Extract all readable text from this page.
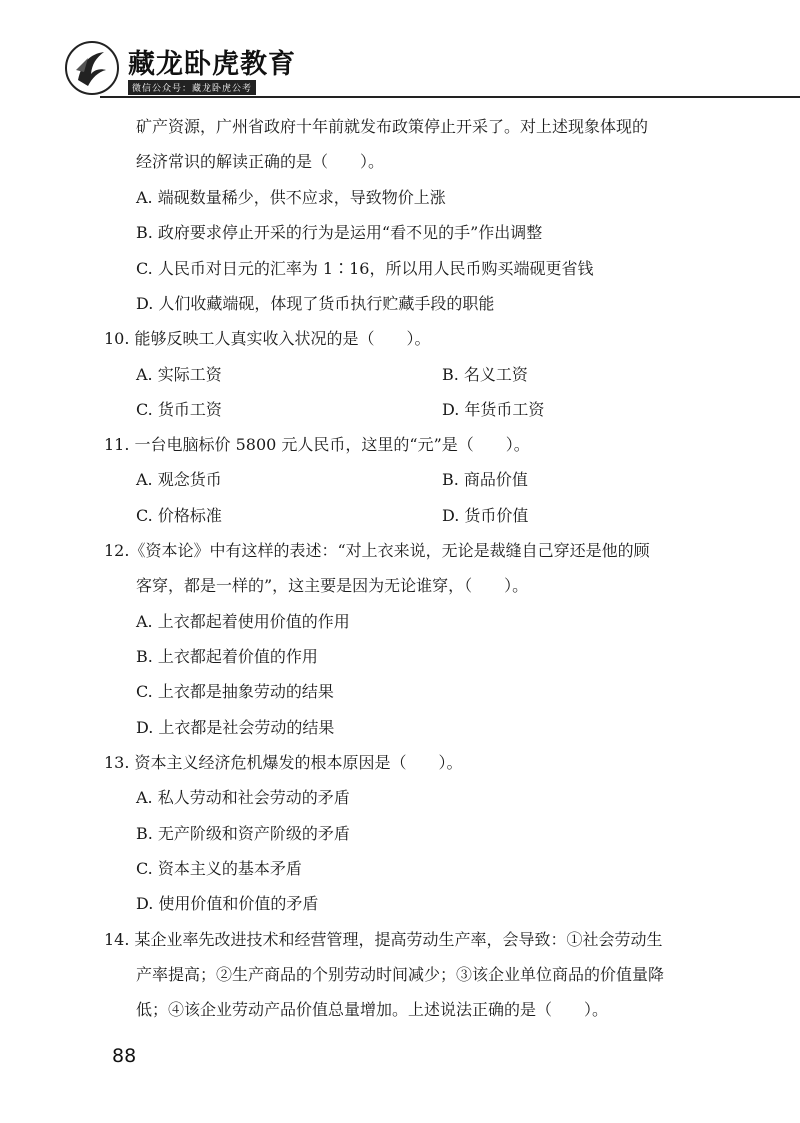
藏龙卧虎教育
微信公众号：藏龙卧虎公考
矿产资源，广州省政府十年前就发布政策停止开采了。对上述现象体现的
经济常识的解读正确的是（　　）。
A. 端砚数量稀少，供不应求，导致物价上涨
B. 政府要求停止开采的行为是运用“看不见的手”作出调整
C. 人民币对日元的汇率为 1∶16，所以用人民币购买端砚更省钱
D. 人们收藏端砚，体现了货币执行贮藏手段的职能
10. 能够反映工人真实收入状况的是（　　）。
A. 实际工资	B. 名义工资
C. 货币工资	D. 年货币工资
11. 一台电脑标价 5800 元人民币，这里的“元”是（　　）。
A. 观念货币	B. 商品价值
C. 价格标准	D. 货币价值
12.《资本论》中有这样的表述：“对上衣来说，无论是裁缝自己穿还是他的顾
客穿，都是一样的”，这主要是因为无论谁穿，（　　）。
A. 上衣都起着使用价值的作用
B. 上衣都起着价值的作用
C. 上衣都是抽象劳动的结果
D. 上衣都是社会劳动的结果
13. 资本主义经济危机爆发的根本原因是（　　）。
A. 私人劳动和社会劳动的矛盾
B. 无产阶级和资产阶级的矛盾
C. 资本主义的基本矛盾
D. 使用价值和价值的矛盾
14. 某企业率先改进技术和经营管理，提高劳动生产率，会导致：①社会劳动生
产率提高；②生产商品的个别劳动时间减少；③该企业单位商品的价值量降
低；④该企业劳动产品价值总量增加。上述说法正确的是（　　）。
88
